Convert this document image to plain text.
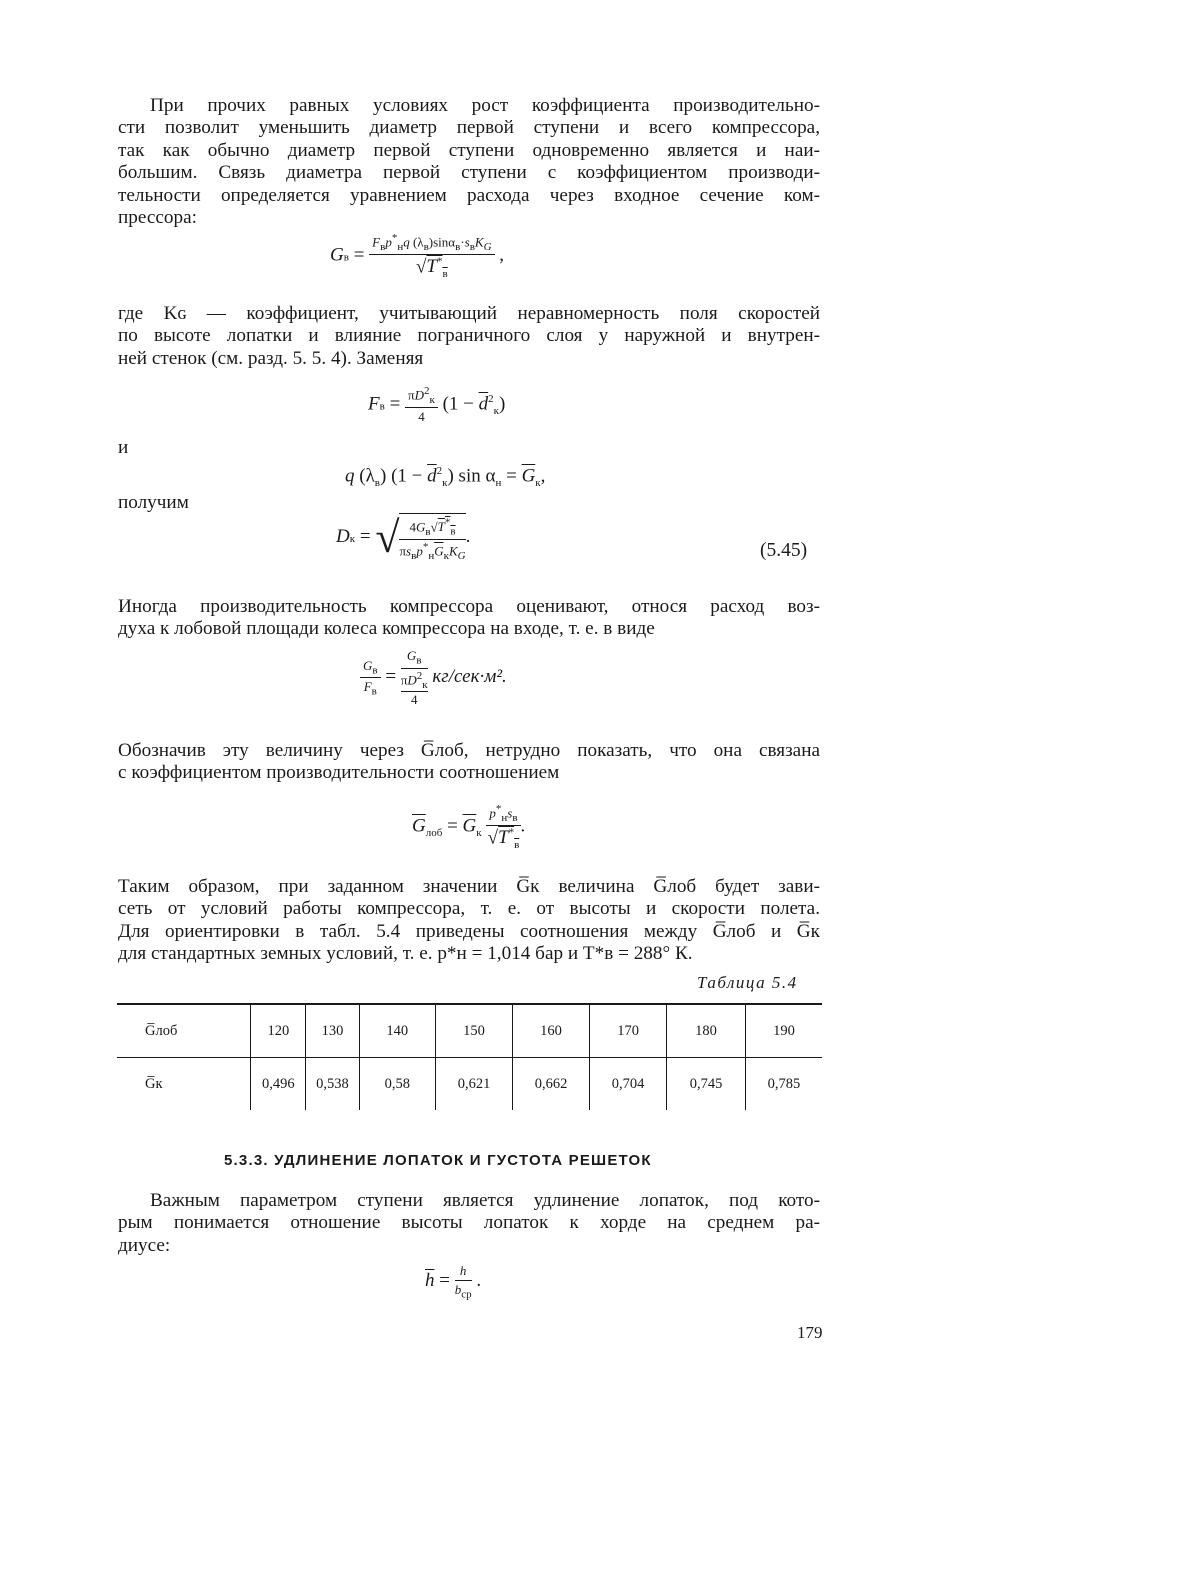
При прочих равных условиях рост коэффициента производительно-
сти позволит уменьшить диаметр первой ступени и всего компрессора,
так как обычно диаметр первой ступени одновременно является и наи-
большим. Связь диаметра первой ступени с коэффициентом производи-
тельности определяется уравнением расхода через входное сечение ком-
прессора:
Gв = $\frac{F_вp^*_нq (\lambda_в)\sin\alpha_в\cdot s_вK_G}{√T^*_в}$ ,
где Kɢ — коэффициент, учитывающий неравномерность поля скоростей
по высоте лопатки и влияние пограничного слоя у наружной и внутрен-
ней стенок (см. разд. 5. 5. 4). Заменяя
Fв = $\frac{\pi D^2_к}{4} (1 - \overline{d}^2_к)$

и

q $(\lambda_в) (1 - \overline{d}^2_к)$ $\sin \alpha_н = \overline{G}_к$,

получим

Dк = √ $\frac{4G_в√T^*_в}{\pi s_вp^*_н\overline{G}_кK_G}$ .
(5.45)
Иногда производительность компрессора оценивают, относя расход воз-
духа к лобовой площади колеса компрессора на входе, т. е. в виде
$\frac{G_в}{F_в} = G_в$
$\pi D^2_к$
4 кг/сек·м².
Обозначив эту величину через G̅лоб, нетрудно показать, что она связана
с коэффициентом производительности соотношением
$\overline{G}_{лоб} = \overline{G}_к \frac{p^*_нs_в}{√T^*_в}$ .
Таким образом, при заданном значении G̅к величина G̅лоб будет зави-
сеть от условий работы компрессора, т. е. от высоты и скорости полета.
Для ориентировки в табл. 5.4 приведены соотношения между G̅лоб и G̅к
для стандартных земных условий, т. е. p*н = 1,014 бар и T*в = 288° К.
Таблица 5.4
G̅лоб	120	130	140	150	160	170	180	190
G̅к	0,496	0,538	0,58	0,621	0,662	0,704	0,745	0,785
5.3.3. УДЛИНЕНИЕ ЛОПАТОК И ГУСТОТА РЕШЕТОК
Важным параметром ступени является удлинение лопаток, под кото-
рым понимается отношение высоты лопаток к хорде на среднем ра-
диусе:
$\overline{h} = \frac{h}{b_{ср}}$ .
179
